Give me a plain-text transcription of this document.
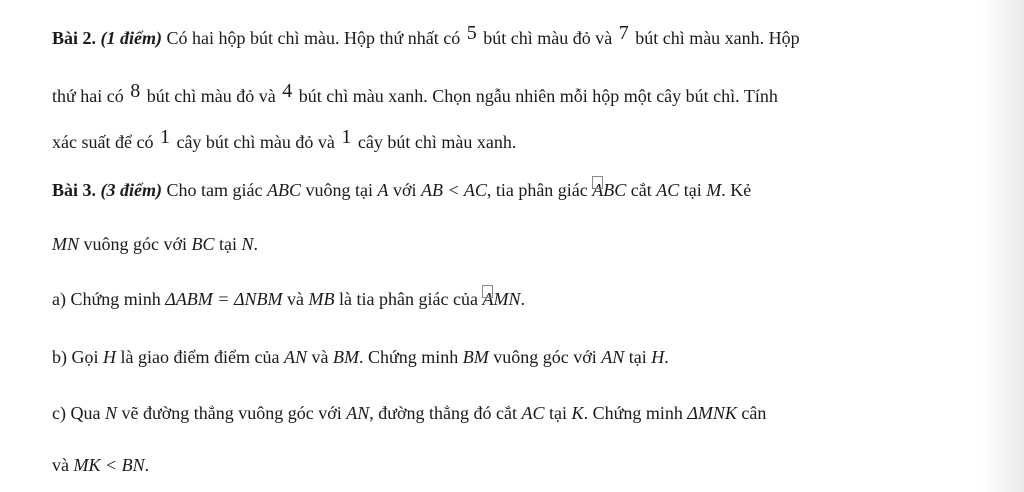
Bài 2. (1 điểm) Có hai hộp bút chì màu. Hộp thứ nhất có 5 bút chì màu đỏ và 7 bút chì màu xanh. Hộp
thứ hai có 8 bút chì màu đỏ và 4 bút chì màu xanh. Chọn ngẫu nhiên mỗi hộp một cây bút chì. Tính
xác suất để có 1 cây bút chì màu đỏ và 1 cây bút chì màu xanh.
Bài 3. (3 điểm) Cho tam giác ABC vuông tại A với AB < AC, tia phân giác ABC cắt AC tại M. Kẻ
MN vuông góc với BC tại N.
a) Chứng minh ΔABM = ΔNBM và MB là tia phân giác của AMN.
b) Gọi H là giao điểm điểm của AN và BM. Chứng minh BM vuông góc với AN tại H.
c) Qua N vẽ đường thẳng vuông góc với AN, đường thẳng đó cắt AC tại K. Chứng minh ΔMNK cân
và MK < BN.
